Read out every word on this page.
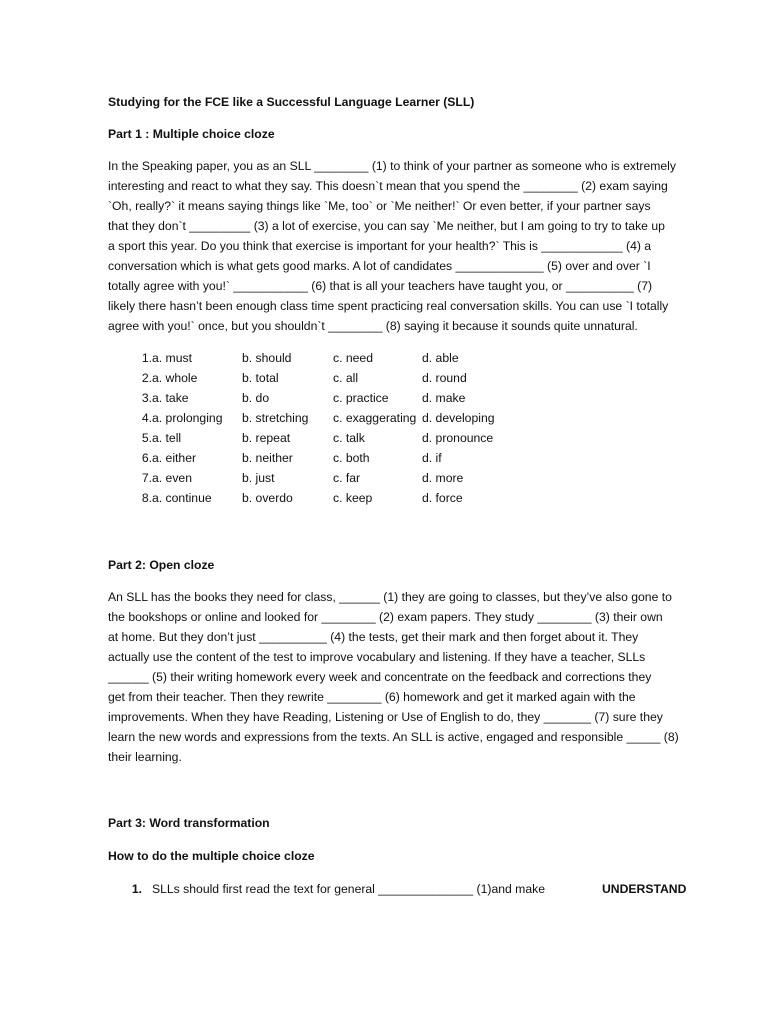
Studying for the FCE like a Successful Language Learner (SLL)

Part 1 : Multiple choice cloze

In the Speaking paper, you as an SLL ________ (1) to think of your partner as someone who is extremely
interesting and react to what they say. This doesn`t mean that you spend the ________ (2) exam saying
`Oh, really?` it means saying things like `Me, too` or `Me neither!` Or even better, if your partner says
that they don`t _________ (3) a lot of exercise, you can say `Me neither, but I am going to try to take up
a sport this year. Do you think that exercise is important for your health?` This is ____________ (4) a
conversation which is what gets good marks. A lot of candidates _____________ (5) over and over `I
totally agree with you!` ___________ (6) that is all your teachers have taught you, or __________ (7)
likely there hasn’t been enough class time spent practicing real conversation skills. You can use `I totally
agree with you!` once, but you shouldn`t ________ (8) saying it because it sounds quite unnatural.
1. a. must	b. should	c. need	d. able
2. a. whole	b. total	c. all	d. round
3. a. take	b. do	c. practice	d. make
4. a. prolonging	b. stretching	c. exaggerating d. developing
5. a. tell	b. repeat	c. talk	d. pronounce
6. a. either	b. neither	c. both	d. if
7. a. even	b. just	c. far	d. more
8. a. continue	b. overdo	c. keep	d. force

Part 2: Open cloze

An SLL has the books they need for class, ______ (1) they are going to classes, but they’ve also gone to
the bookshops or online and looked for ________ (2) exam papers. They study ________ (3) their own
at home. But they don’t just __________ (4) the tests, get their mark and then forget about it. They
actually use the content of the test to improve vocabulary and listening. If they have a teacher, SLLs
______ (5) their writing homework every week and concentrate on the feedback and corrections they
get from their teacher. Then they rewrite ________ (6) homework and get it marked again with the
improvements. When they have Reading, Listening or Use of English to do, they _______ (7) sure they
learn the new words and expressions from the texts. An SLL is active, engaged and responsible _____ (8)
their learning.

Part 3: Word transformation

How to do the multiple choice cloze

1. SLLs should first read the text for general ______________ (1)and make	UNDERSTAND
